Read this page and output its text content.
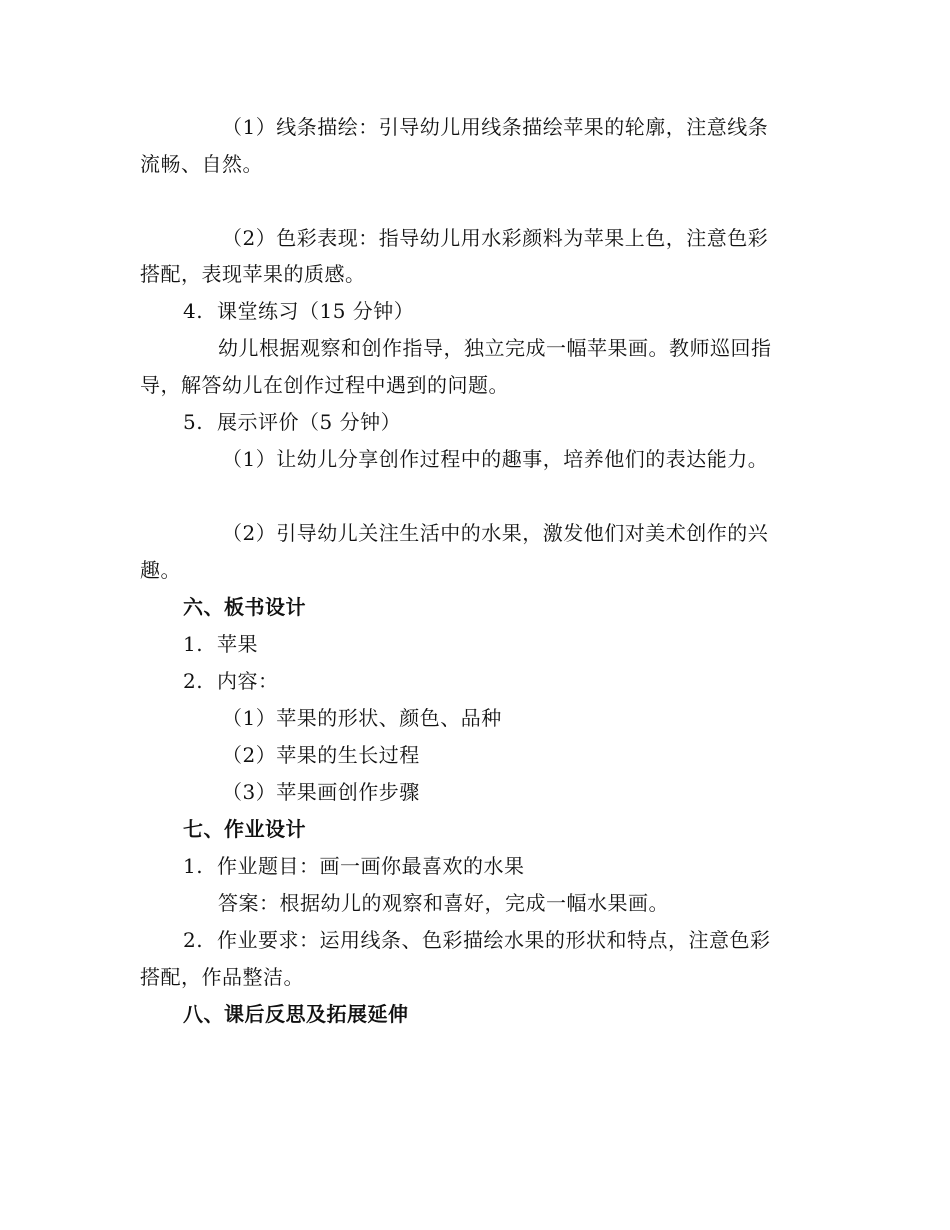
（1）线条描绘：引导幼儿用线条描绘苹果的轮廓，注意线条
流畅、自然。
（2）色彩表现：指导幼儿用水彩颜料为苹果上色，注意色彩
搭配，表现苹果的质感。
4. 课堂练习（15 分钟）
幼儿根据观察和创作指导，独立完成一幅苹果画。教师巡回指
导，解答幼儿在创作过程中遇到的问题。
5. 展示评价（5 分钟）
（1）让幼儿分享创作过程中的趣事，培养他们的表达能力。
（2）引导幼儿关注生活中的水果，激发他们对美术创作的兴
趣。
六、板书设计
1. 苹果
2. 内容：
（1）苹果的形状、颜色、品种
（2）苹果的生长过程
（3）苹果画创作步骤
七、作业设计
1. 作业题目：画一画你最喜欢的水果
答案：根据幼儿的观察和喜好，完成一幅水果画。
2. 作业要求：运用线条、色彩描绘水果的形状和特点，注意色彩
搭配，作品整洁。
八、课后反思及拓展延伸
